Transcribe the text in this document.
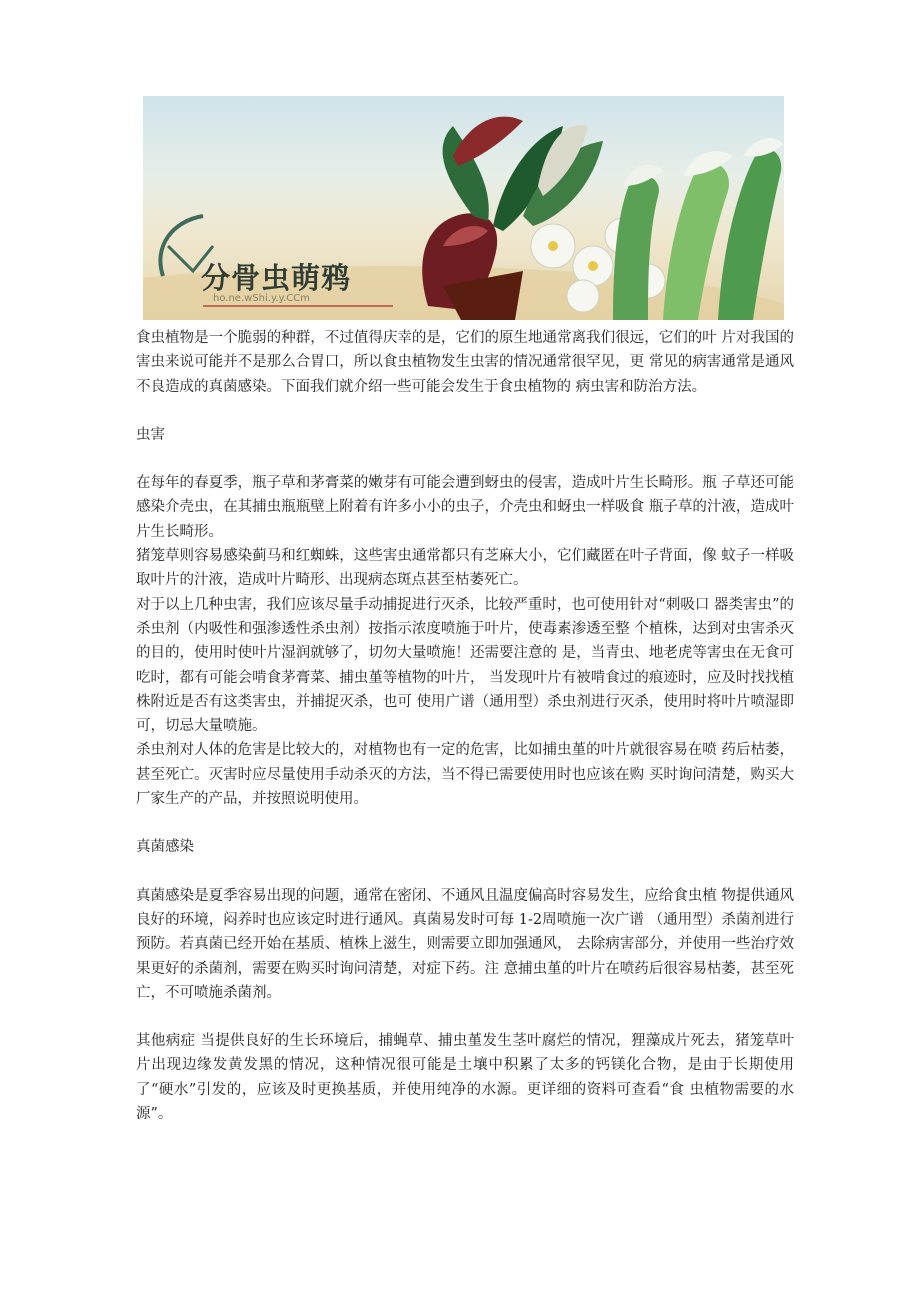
分骨虫萌鸦
ho.ne.wShi.y.y.CCm

食虫植物是一个脆弱的种群，不过值得庆幸的是，它们的原生地通常离我们很远，它们的叶 片对我国的害虫来说可能并不是那么合胃口，所以食虫植物发生虫害的情况通常很罕见，更 常见的病害通常是通风不良造成的真菌感染。下面我们就介绍一些可能会发生于食虫植物的 病虫害和防治方法。

虫害

在每年的春夏季，瓶子草和茅膏菜的嫩芽有可能会遭到蚜虫的侵害，造成叶片生长畸形。瓶 子草还可能感染介壳虫，在其捕虫瓶瓶壁上附着有许多小小的虫子，介壳虫和蚜虫一样吸食 瓶子草的汁液，造成叶片生长畸形。

猪笼草则容易感染蓟马和红蜘蛛，这些害虫通常都只有芝麻大小，它们藏匿在叶子背面，像 蚊子一样吸取叶片的汁液，造成叶片畸形、出现病态斑点甚至枯萎死亡。

对于以上几种虫害，我们应该尽量手动捕捉进行灭杀，比较严重时，也可使用针对“刺吸口 器类害虫”的杀虫剂（内吸性和强渗透性杀虫剂）按指示浓度喷施于叶片，使毒素渗透至整 个植株，达到对虫害杀灭的目的，使用时使叶片湿润就够了，切勿大量喷施！还需要注意的 是，当青虫、地老虎等害虫在无食可吃时，都有可能会啃食茅膏菜、捕虫堇等植物的叶片， 当发现叶片有被啃食过的痕迹时，应及时找找植株附近是否有这类害虫，并捕捉灭杀，也可 使用广谱（通用型）杀虫剂进行灭杀，使用时将叶片喷湿即可，切忌大量喷施。

杀虫剂对人体的危害是比较大的，对植物也有一定的危害，比如捕虫堇的叶片就很容易在喷 药后枯萎，甚至死亡。灭害时应尽量使用手动杀灭的方法，当不得已需要使用时也应该在购 买时询问清楚，购买大厂家生产的产品，并按照说明使用。

真菌感染

真菌感染是夏季容易出现的问题，通常在密闭、不通风且温度偏高时容易发生，应给食虫植 物提供通风良好的环境，闷养时也应该定时进行通风。真菌易发时可每 1-2周喷施一次广谱 （通用型）杀菌剂进行预防。若真菌已经开始在基质、植株上滋生，则需要立即加强通风， 去除病害部分，并使用一些治疗效果更好的杀菌剂，需要在购买时询问清楚，对症下药。注 意捕虫堇的叶片在喷药后很容易枯萎，甚至死亡，不可喷施杀菌剂。

其他病症 当提供良好的生长环境后，捕蝇草、捕虫堇发生茎叶腐烂的情况，狸藻成片死去，猪笼草叶 片出现边缘发黄发黑的情况，这种情况很可能是土壤中积累了太多的钙镁化合物，是由于长期使用了“硬水”引发的，应该及时更换基质，并使用纯净的水源。更详细的资料可查看“食 虫植物需要的水源”。
